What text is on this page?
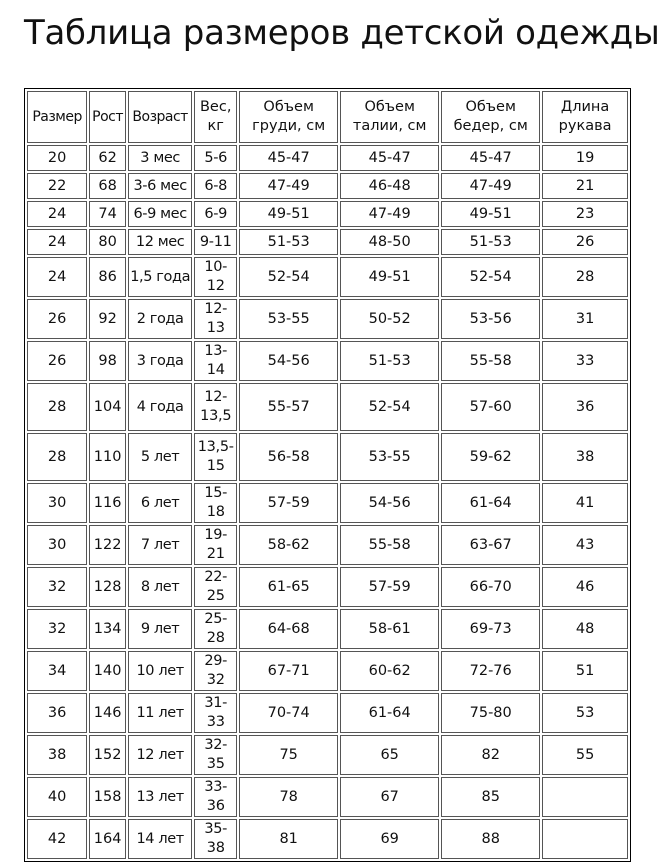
Таблица размеров детской одежды
Размер	Рост	Возраст	Вес, кг	Объем груди, см	Объем талии, см	Объем бедер, см	Длина рукава
20	62	3 мес	5-6	45-47	45-47	45-47	19
22	68	3-6 мес	6-8	47-49	46-48	47-49	21
24	74	6-9 мес	6-9	49-51	47-49	49-51	23
24	80	12 мес	9-11	51-53	48-50	51-53	26
24	86	1,5 года	10-12	52-54	49-51	52-54	28
26	92	2 года	12-13	53-55	50-52	53-56	31
26	98	3 года	13-14	54-56	51-53	55-58	33
28	104	4 года	12-13,5	55-57	52-54	57-60	36
28	110	5 лет	13,5-15	56-58	53-55	59-62	38
30	116	6 лет	15-18	57-59	54-56	61-64	41
30	122	7 лет	19-21	58-62	55-58	63-67	43
32	128	8 лет	22-25	61-65	57-59	66-70	46
32	134	9 лет	25-28	64-68	58-61	69-73	48
34	140	10 лет	29-32	67-71	60-62	72-76	51
36	146	11 лет	31-33	70-74	61-64	75-80	53
38	152	12 лет	32-35	75	65	82	55
40	158	13 лет	33-36	78	67	85	
42	164	14 лет	35-38	81	69	88	
